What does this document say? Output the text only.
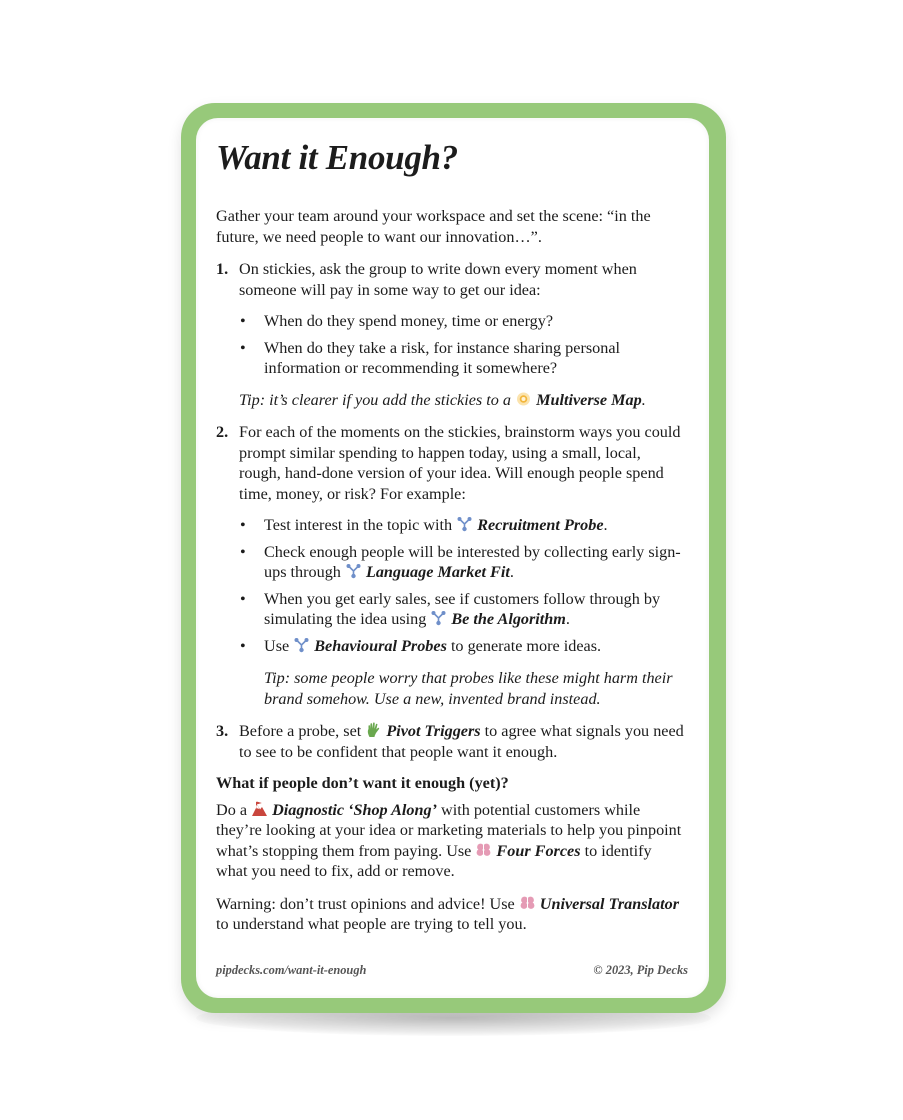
Want it Enough?

Gather your team around your workspace and set the scene: “in the future, we need people to want our innovation…”.

1. On stickies, ask the group to write down every moment when someone will pay in some way to get our idea:

• When do they spend money, time or energy?
• When do they take a risk, for instance sharing personal information or recommending it somewhere?

Tip: it’s clearer if you add the stickies to a Multiverse Map.

2. For each of the moments on the stickies, brainstorm ways you could prompt similar spending to happen today, using a small, local, rough, hand-done version of your idea. Will enough people spend time, money, or risk? For example:

• Test interest in the topic with Recruitment Probe.
• Check enough people will be interested by collecting early sign-ups through Language Market Fit.
• When you get early sales, see if customers follow through by simulating the idea using Be the Algorithm.
• Use Behavioural Probes to generate more ideas.

Tip: some people worry that probes like these might harm their brand somehow. Use a new, invented brand instead.

3. Before a probe, set Pivot Triggers to agree what signals you need to see to be confident that people want it enough.

What if people don’t want it enough (yet)?

Do a Diagnostic ‘Shop Along’ with potential customers while they’re looking at your idea or marketing materials to help you pinpoint what’s stopping them from paying. Use Four Forces to identify what you need to fix, add or remove.

Warning: don’t trust opinions and advice! Use Universal Translator to understand what people are trying to tell you.

pipdecks.com/want-it-enough	© 2023, Pip Decks
